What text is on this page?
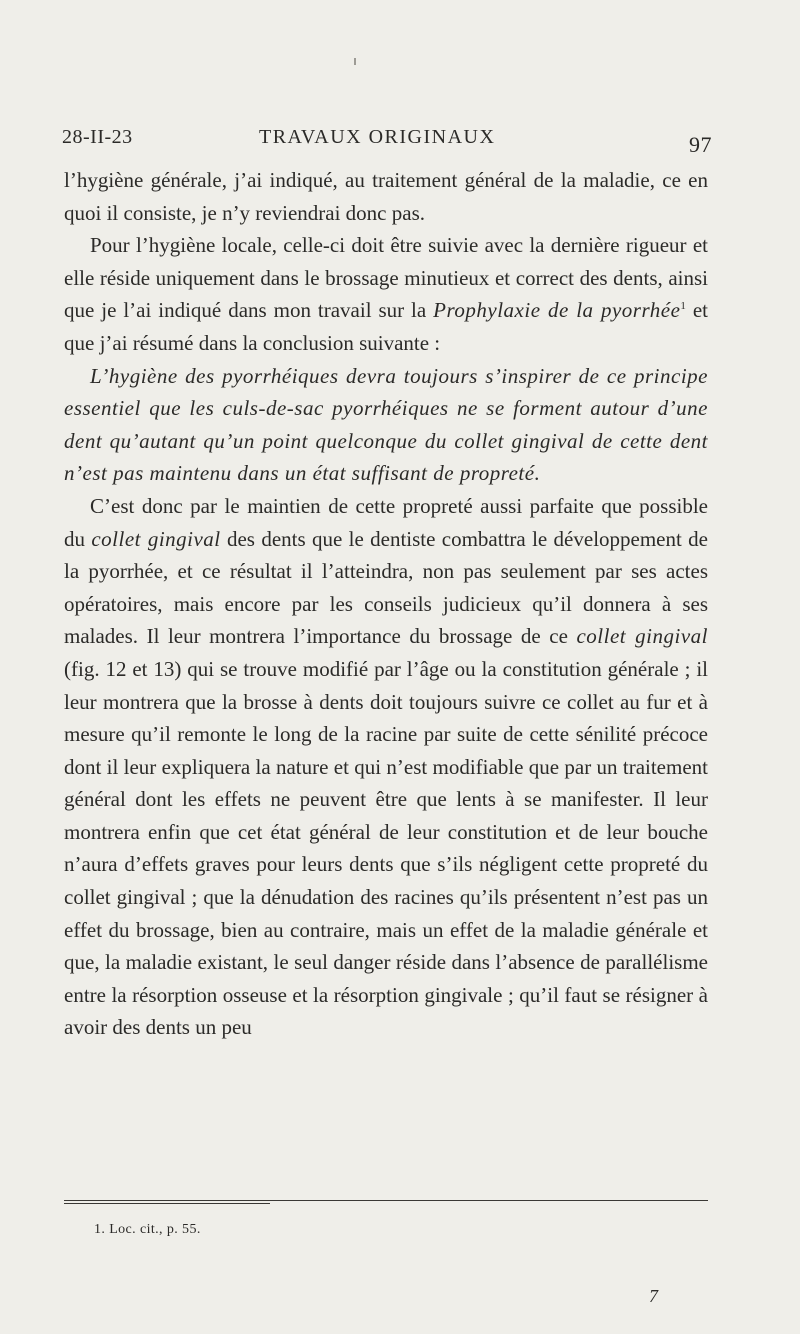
28-II-23	TRAVAUX ORIGINAUX	97

l’hygiène générale, j’ai indiqué, au traitement général de la maladie, ce en quoi il consiste, je n’y reviendrai donc pas.

Pour l’hygiène locale, celle-ci doit être suivie avec la dernière rigueur et elle réside uniquement dans le brossage minutieux et correct des dents, ainsi que je l’ai indiqué dans mon travail sur la Prophylaxie de la pyorrhée$^1$ et que j’ai résumé dans la conclusion suivante :

L’hygiène des pyorrhéiques devra toujours s’inspirer de ce principe essentiel que les culs-de-sac pyorrhéiques ne se forment autour d’une dent qu’autant qu’un point quelconque du collet gingival de cette dent n’est pas maintenu dans un état suffisant de propreté.

C’est donc par le maintien de cette propreté aussi parfaite que possible du collet gingival des dents que le dentiste combattra le développement de la pyorrhée, et ce résultat il l’atteindra, non pas seulement par ses actes opératoires, mais encore par les conseils judicieux qu’il donnera à ses malades. Il leur montrera l’importance du brossage de ce collet gingival (fig. 12 et 13) qui se trouve modifié par l’âge ou la constitution générale ; il leur montrera que la brosse à dents doit toujours suivre ce collet au fur et à mesure qu’il remonte le long de la racine par suite de cette sénilité précoce dont il leur expliquera la nature et qui n’est modifiable que par un traitement général dont les effets ne peuvent être que lents à se manifester. Il leur montrera enfin que cet état général de leur constitution et de leur bouche n’aura d’effets graves pour leurs dents que s’ils négligent cette propreté du collet gingival ; que la dénudation des racines qu’ils présentent n’est pas un effet du brossage, bien au contraire, mais un effet de la maladie générale et que, la maladie existant, le seul danger réside dans l’absence de parallélisme entre la résorption osseuse et la résorption gingivale ; qu’il faut se résigner à avoir des dents un peu

1. Loc. cit., p. 55.
7
